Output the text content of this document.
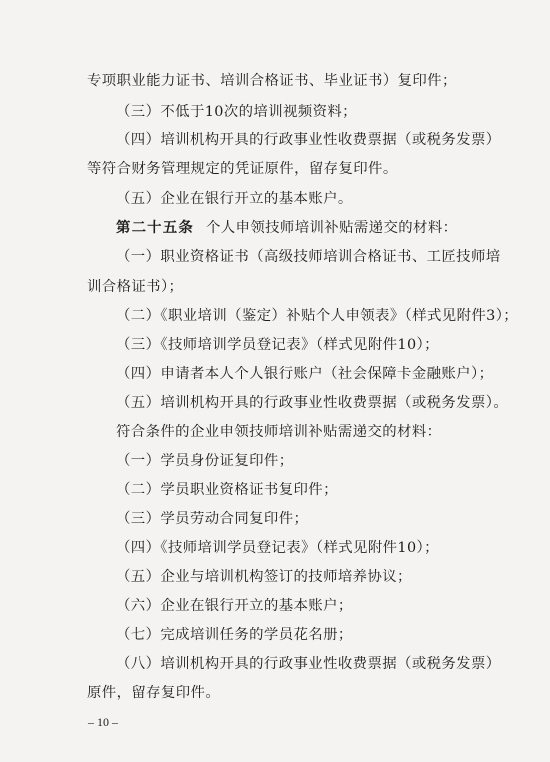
专项职业能力证书、培训合格证书、毕业证书）复印件；
（三）不低于10次的培训视频资料；
（四）培训机构开具的行政事业性收费票据（或税务发票）
等符合财务管理规定的凭证原件，留存复印件。
（五）企业在银行开立的基本账户。
第二十五条 个人申领技师培训补贴需递交的材料：
（一）职业资格证书（高级技师培训合格证书、工匠技师培
训合格证书）；
（二）《职业培训（鉴定）补贴个人申领表》（样式见附件3）；
（三）《技师培训学员登记表》（样式见附件10）；
（四）申请者本人个人银行账户（社会保障卡金融账户）；
（五）培训机构开具的行政事业性收费票据（或税务发票）。
符合条件的企业申领技师培训补贴需递交的材料：
（一）学员身份证复印件；
（二）学员职业资格证书复印件；
（三）学员劳动合同复印件；
（四）《技师培训学员登记表》（样式见附件10）；
（五）企业与培训机构签订的技师培养协议；
（六）企业在银行开立的基本账户；
（七）完成培训任务的学员花名册；
（八）培训机构开具的行政事业性收费票据（或税务发票）
原件，留存复印件。
– 10 –
